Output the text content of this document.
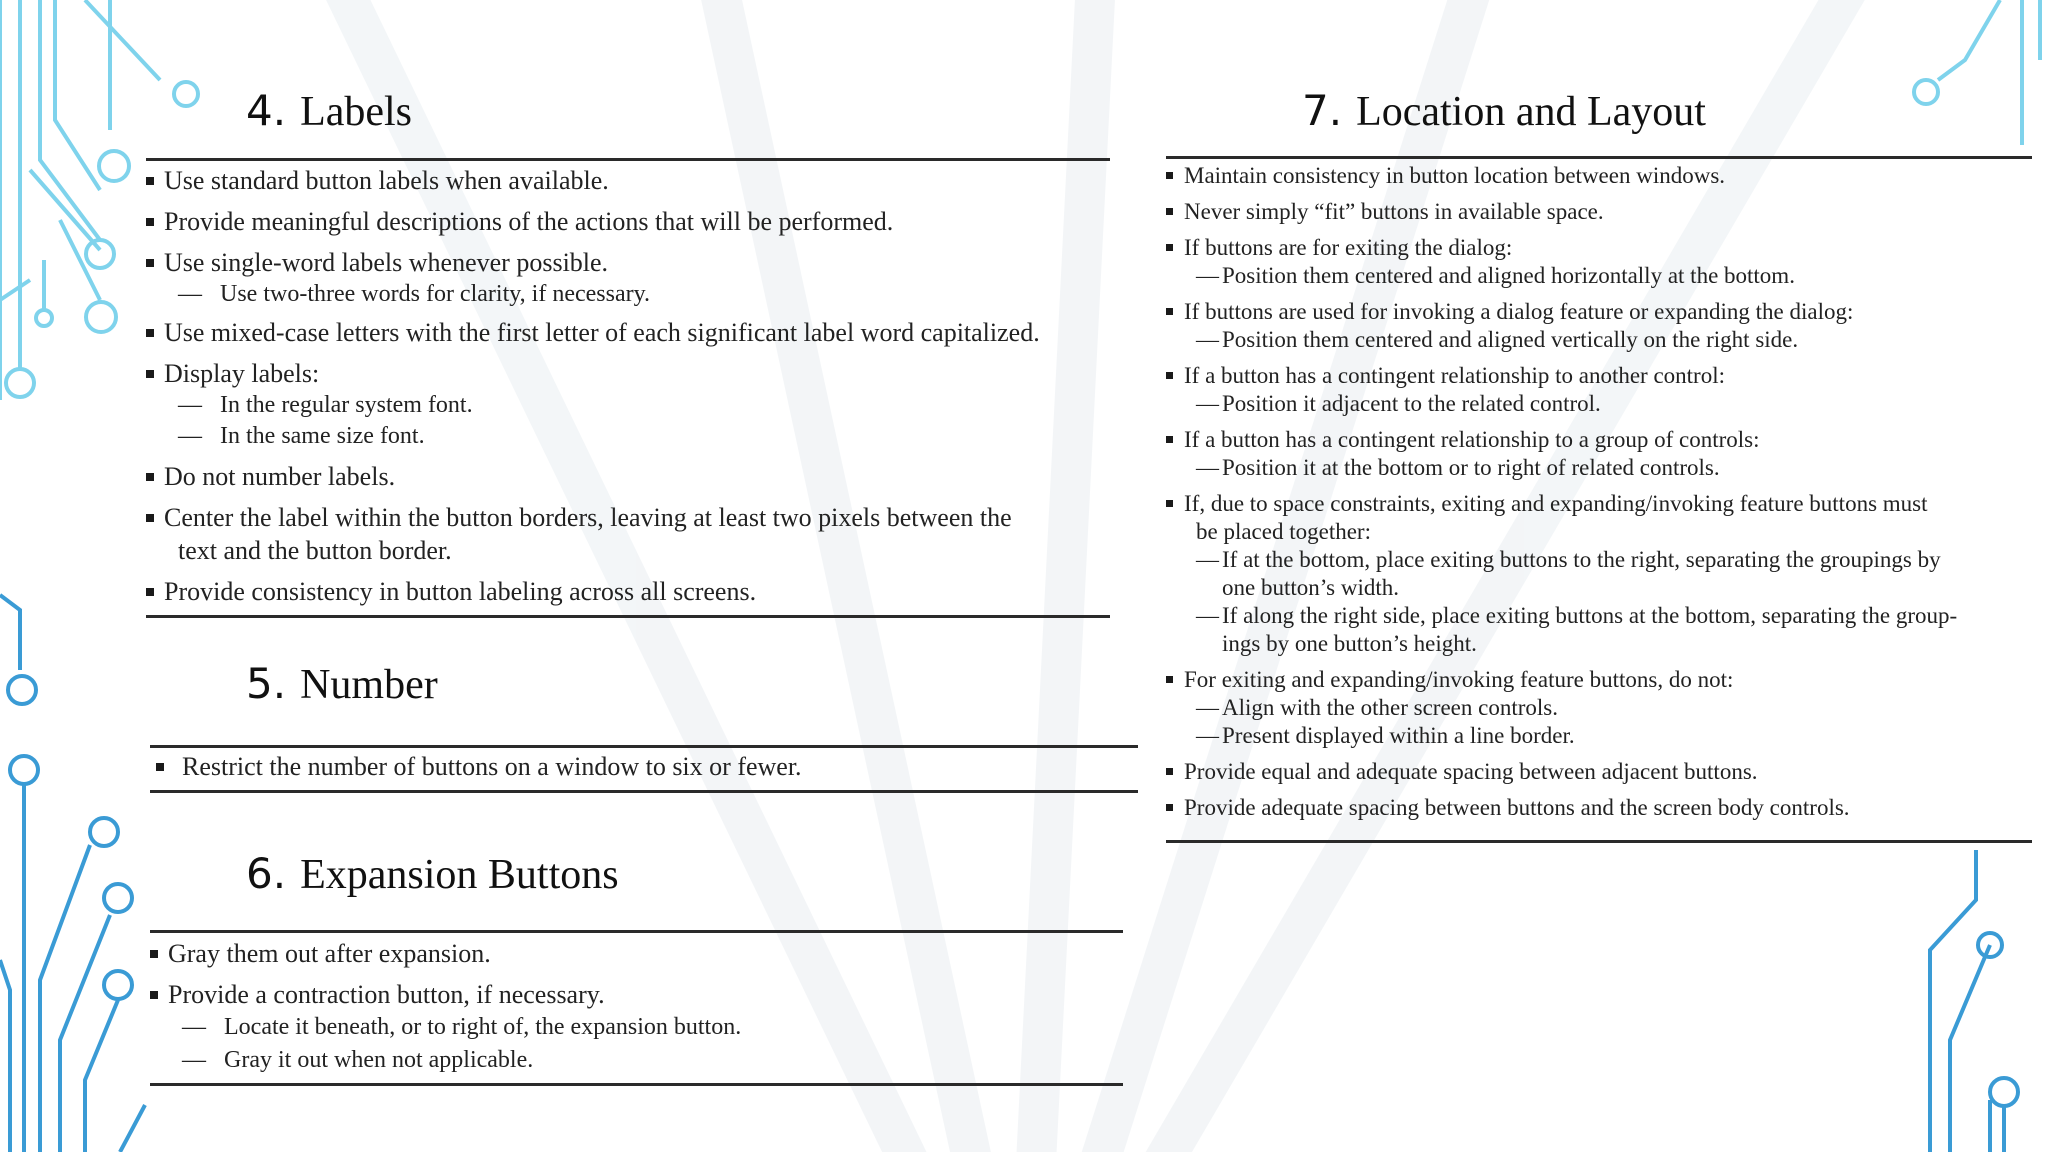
4. Labels
Use standard button labels when available.
Provide meaningful descriptions of the actions that will be performed.
Use single-word labels whenever possible.
— Use two-three words for clarity, if necessary.
Use mixed-case letters with the first letter of each significant label word capitalized.
Display labels:
— In the regular system font.
— In the same size font.
Do not number labels.
Center the label within the button borders, leaving at least two pixels between the
text and the button border.
Provide consistency in button labeling across all screens.
5. Number
Restrict the number of buttons on a window to six or fewer.
6. Expansion Buttons
Gray them out after expansion.
Provide a contraction button, if necessary.
— Locate it beneath, or to right of, the expansion button.
— Gray it out when not applicable.
7. Location and Layout
Maintain consistency in button location between windows.
Never simply “fit” buttons in available space.
If buttons are for exiting the dialog:
— Position them centered and aligned horizontally at the bottom.
If buttons are used for invoking a dialog feature or expanding the dialog:
— Position them centered and aligned vertically on the right side.
If a button has a contingent relationship to another control:
— Position it adjacent to the related control.
If a button has a contingent relationship to a group of controls:
— Position it at the bottom or to right of related controls.
If, due to space constraints, exiting and expanding/invoking feature buttons must
be placed together:
— If at the bottom, place exiting buttons to the right, separating the groupings by
one button’s width.
— If along the right side, place exiting buttons at the bottom, separating the group-
ings by one button’s height.
For exiting and expanding/invoking feature buttons, do not:
— Align with the other screen controls.
— Present displayed within a line border.
Provide equal and adequate spacing between adjacent buttons.
Provide adequate spacing between buttons and the screen body controls.
